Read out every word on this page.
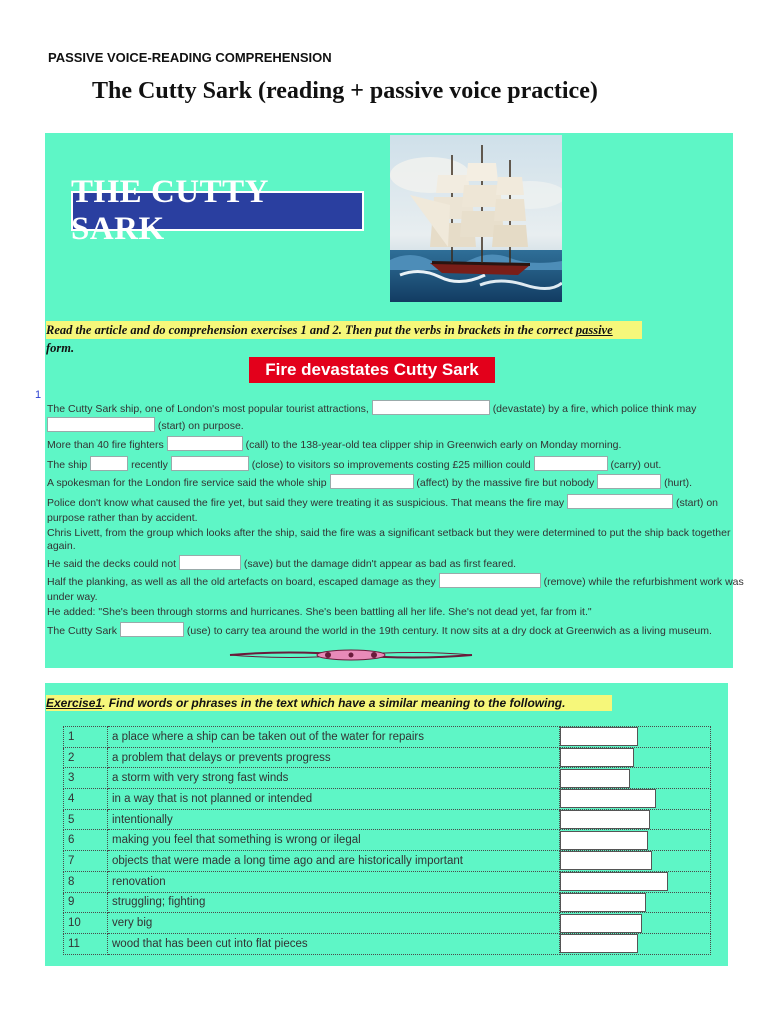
PASSIVE VOICE-READING COMPREHENSION
The Cutty Sark (reading + passive voice practice)
THE CUTTY SARK
Read the article and do comprehension exercises 1 and 2. Then put the verbs in brackets in the correct passive form.
Fire devastates Cutty Sark
1
The Cutty Sark ship, one of London's most popular tourist attractions,	(devastate) by a fire, which police think may
(start) on purpose.
More than 40 fire fighters	(call) to the 138-year-old tea clipper ship in Greenwich early on Monday morning.
The ship	recently	(close) to visitors so improvements costing £25 million could	(carry) out.
A spokesman for the London fire service said the whole ship	(affect) by the massive fire but nobody	(hurt).
Police don't know what caused the fire yet, but said they were treating it as suspicious. That means the fire may	(start) on
purpose rather than by accident.
Chris Livett, from the group which looks after the ship, said the fire was a significant setback but they were determined to put the ship back together
again.
He said the decks could not	(save) but the damage didn't appear as bad as first feared.
Half the planking, as well as all the old artefacts on board, escaped damage as they	(remove) while the refurbishment work was
under way.
He added: "She's been through storms and hurricanes. She's been battling all her life. She's not dead yet, far from it."
The Cutty Sark	(use) to carry tea around the world in the 19th century. It now sits at a dry dock at Greenwich as a living museum.
Exercise1. Find words or phrases in the text which have a similar meaning to the following.
1	a place where a ship can be taken out of the water for repairs	

2	a problem that delays or prevents progress	

3	a storm with very strong fast winds	

4	in a way that is not planned or intended	

5	intentionally	

6	making you feel that something is wrong or ilegal	

7	objects that were made a long time ago and are historically important	

8	renovation	

9	struggling; fighting	

10	very big	

11	wood that has been cut into flat pieces	
